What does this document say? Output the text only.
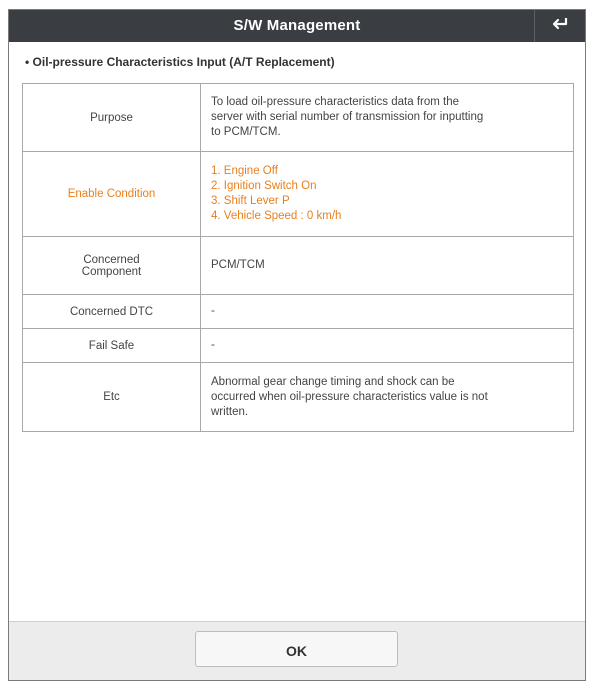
S/W Management
• Oil-pressure Characteristics Input (A/T Replacement)
Purpose	To load oil-pressure characteristics data from the
server with serial number of transmission for inputting
to PCM/TCM.

Enable Condition	1. Engine Off
2. Ignition Switch On
3. Shift Lever P
4. Vehicle Speed : 0 km/h

Concerned
Component	PCM/TCM
Concerned DTC	-
Fail Safe	-
Etc	Abnormal gear change timing and shock can be
occurred when oil-pressure characteristics value is not
written.
OK
